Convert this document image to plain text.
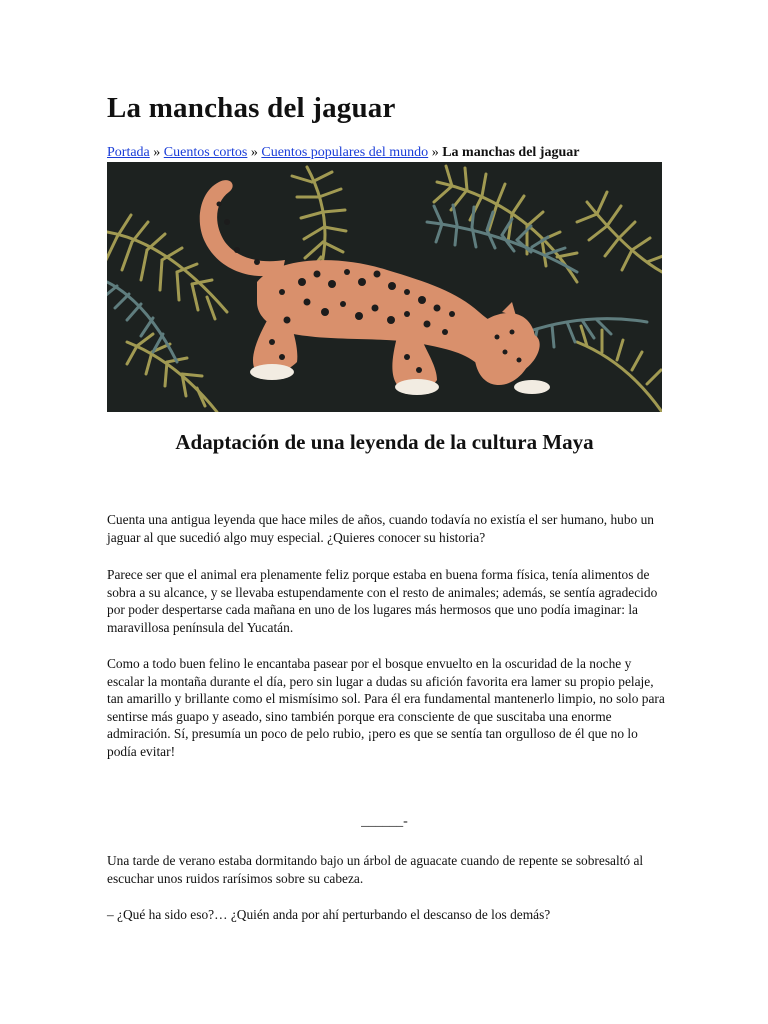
La manchas del jaguar
Portada » Cuentos cortos » Cuentos populares del mundo » La manchas del jaguar
Adaptación de una leyenda de la cultura Maya

Cuenta una antigua leyenda que hace miles de años, cuando todavía no existía el ser humano, hubo un jaguar al que sucedió algo muy especial. ¿Quieres conocer su historia?

Parece ser que el animal era plenamente feliz porque estaba en buena forma física, tenía alimentos de sobra a su alcance, y se llevaba estupendamente con el resto de animales; además, se sentía agradecido por poder despertarse cada mañana en uno de los lugares más hermosos que uno podía imaginar: la maravillosa península del Yucatán.

Como a todo buen felino le encantaba pasear por el bosque envuelto en la oscuridad de la noche y escalar la montaña durante el día, pero sin lugar a dudas su afición favorita era lamer su propio pelaje, tan amarillo y brillante como el mismísimo sol. Para él era fundamental mantenerlo limpio, no solo para sentirse más guapo y aseado, sino también porque era consciente de que suscitaba una enorme admiración. Sí, presumía un poco de pelo rubio, ¡pero es que se sentía tan orgulloso de él que no lo podía evitar!

______-

Una tarde de verano estaba dormitando bajo un árbol de aguacate cuando de repente se sobresaltó al escuchar unos ruidos rarísimos sobre su cabeza.

– ¿Qué ha sido eso?… ¿Quién anda por ahí perturbando el descanso de los demás?
